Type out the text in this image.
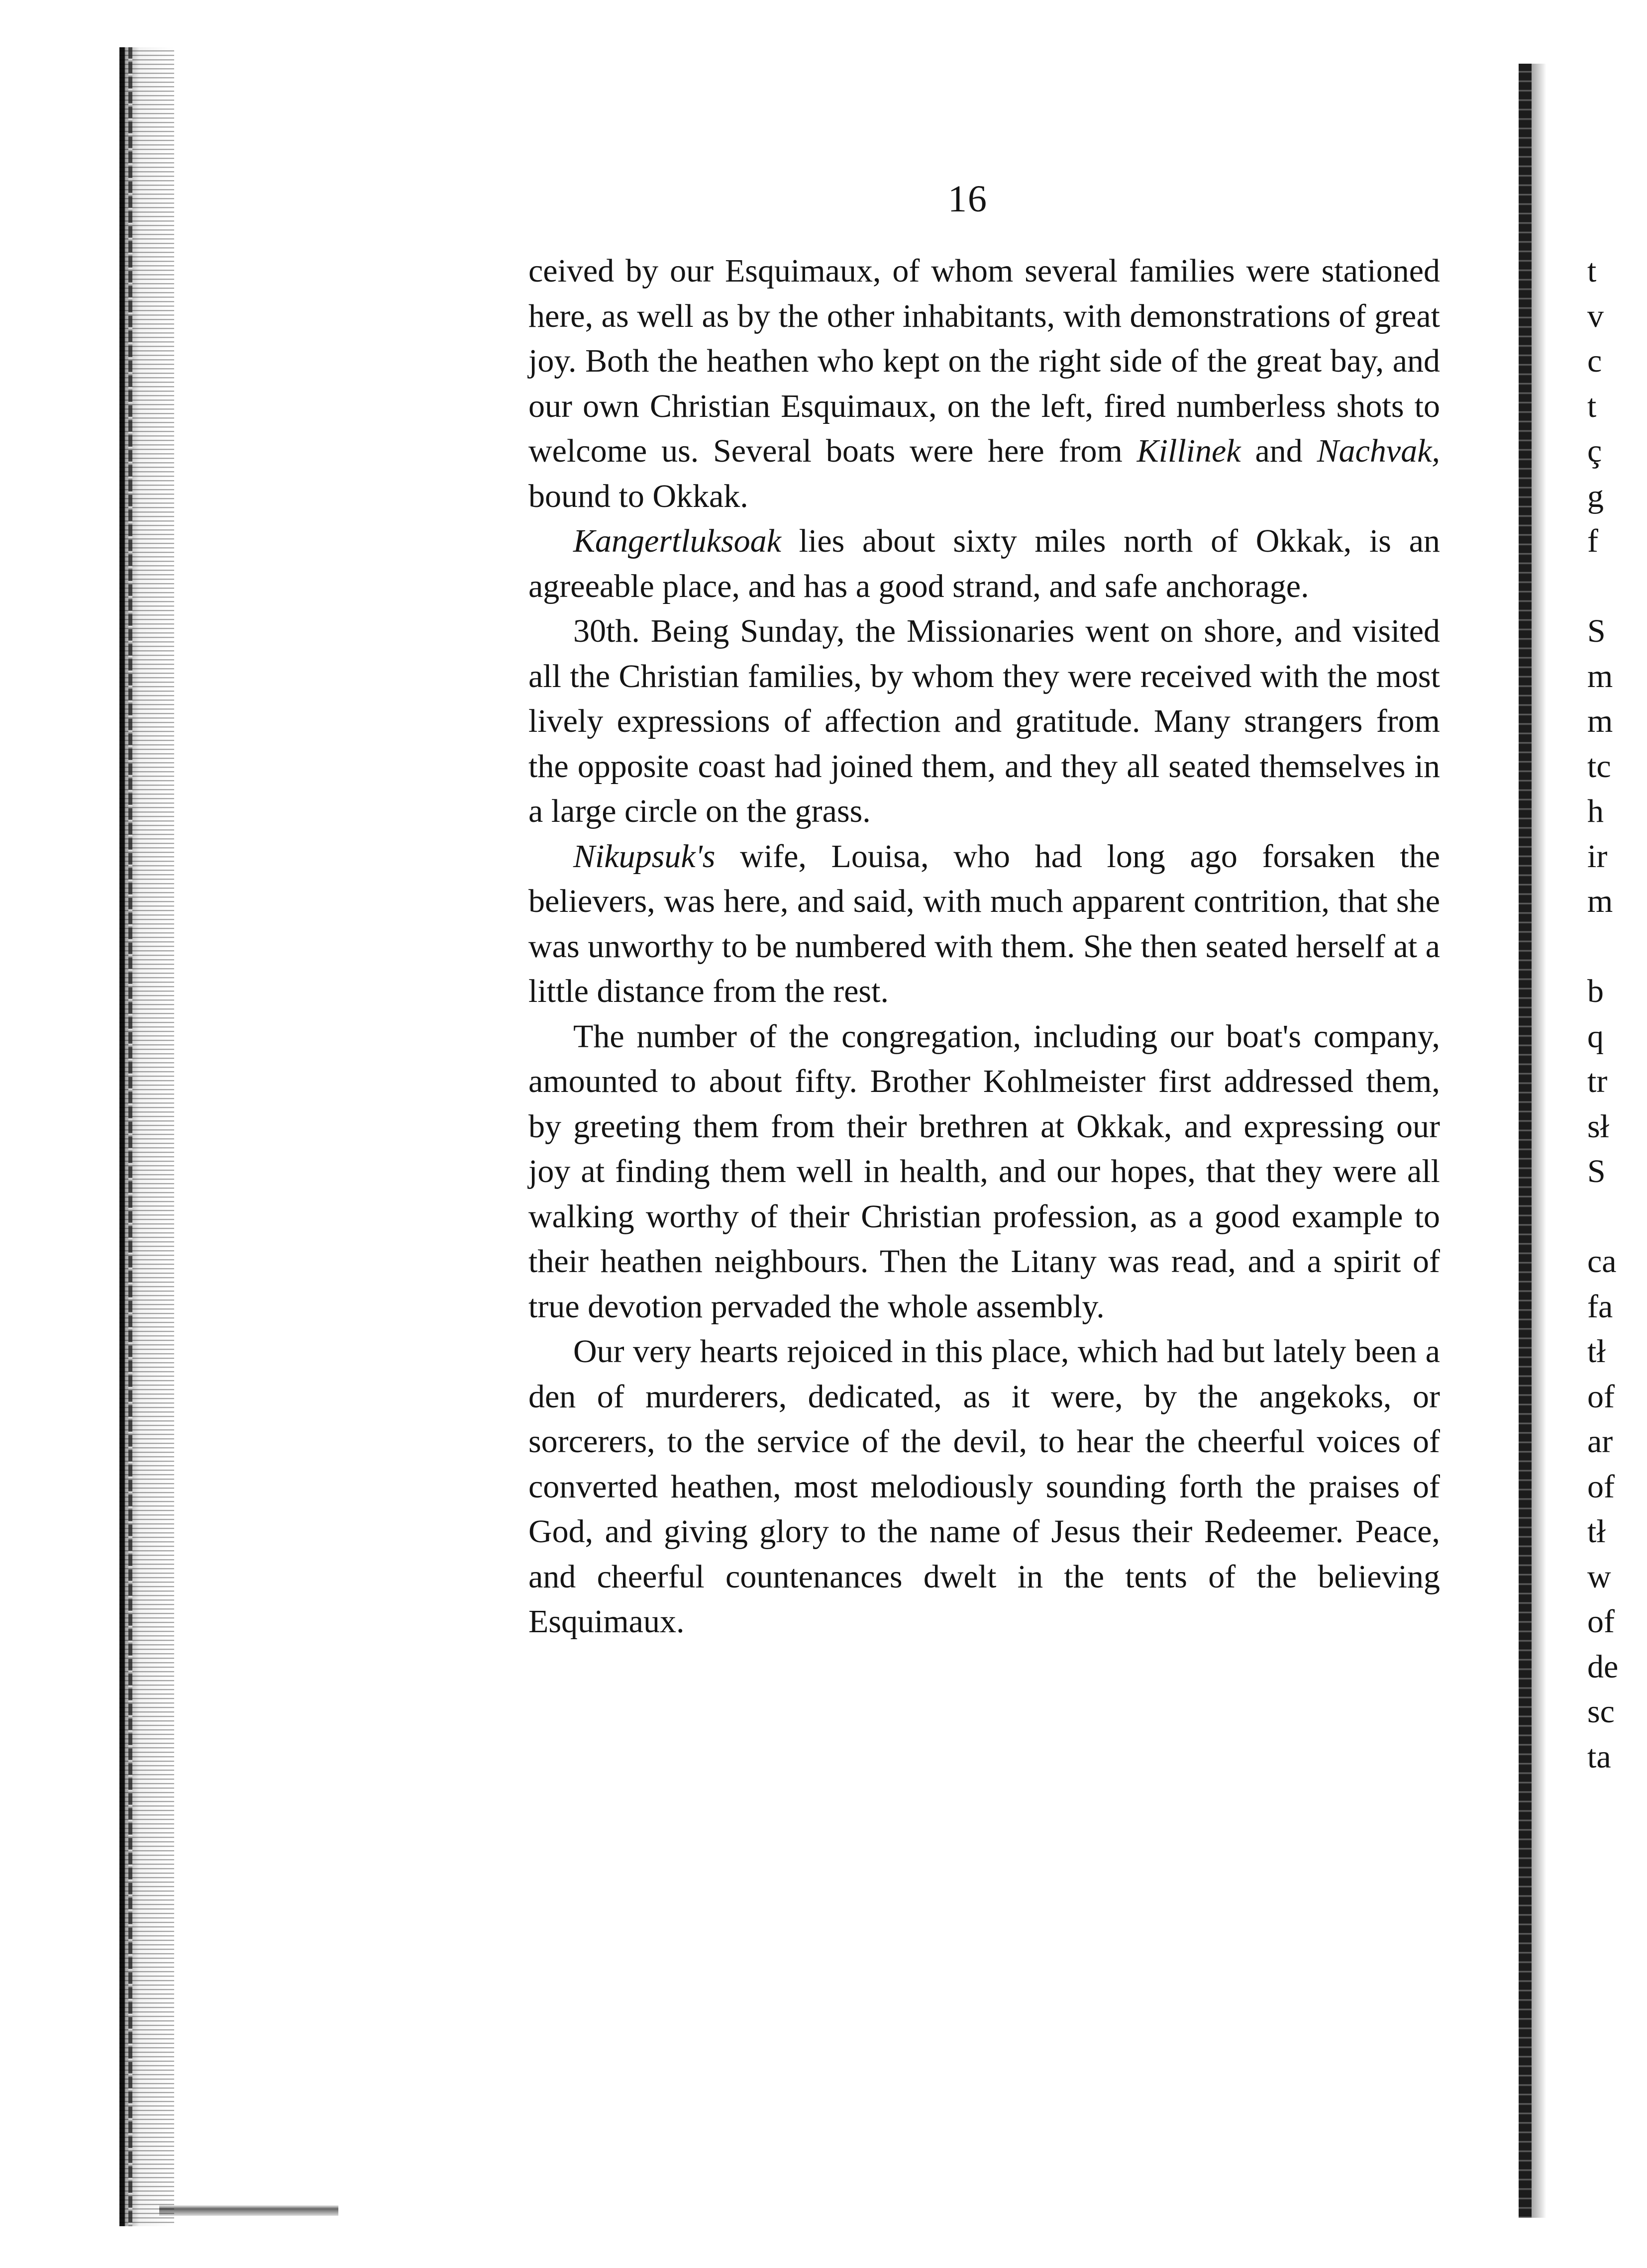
16

ceived by our Esquimaux, of whom several families were stationed here, as well as by the other inhabitants, with demonstrations of great joy. Both the heathen who kept on the right side of the great bay, and our own Christian Esquimaux, on the left, fired numberless shots to welcome us. Several boats were here from Killinek and Nachvak, bound to Okkak.

Kangertluksoak lies about sixty miles north of Okkak, is an agreeable place, and has a good strand, and safe anchorage.

30th. Being Sunday, the Missionaries went on shore, and visited all the Christian families, by whom they were received with the most lively expressions of affection and gratitude. Many strangers from the opposite coast had joined them, and they all seated themselves in a large circle on the grass.

Nikupsuk's wife, Louisa, who had long ago forsaken the believers, was here, and said, with much apparent contrition, that she was unworthy to be numbered with them. She then seated herself at a little distance from the rest.

The number of the congregation, including our boat's company, amounted to about fifty. Brother Kohlmeister first addressed them, by greeting them from their brethren at Okkak, and expressing our joy at finding them well in health, and our hopes, that they were all walking worthy of their Christian profession, as a good example to their heathen neighbours. Then the Litany was read, and a spirit of true devotion pervaded the whole assembly.

Our very hearts rejoiced in this place, which had but lately been a den of murderers, dedicated, as it were, by the angekoks, or sorcerers, to the service of the devil, to hear the cheerful voices of converted heathen, most melodiously sounding forth the praises of God, and giving glory to the name of Jesus their Redeemer. Peace, and cheerful countenances dwelt in the tents of the believing Esquimaux.

t
v
c
t
ç
g
f
S
m
m
tc
h
ir
m
b
q
tr
sł
S
ca
fa
tł
of
ar
of
tł
w
of
de
sc
ta
